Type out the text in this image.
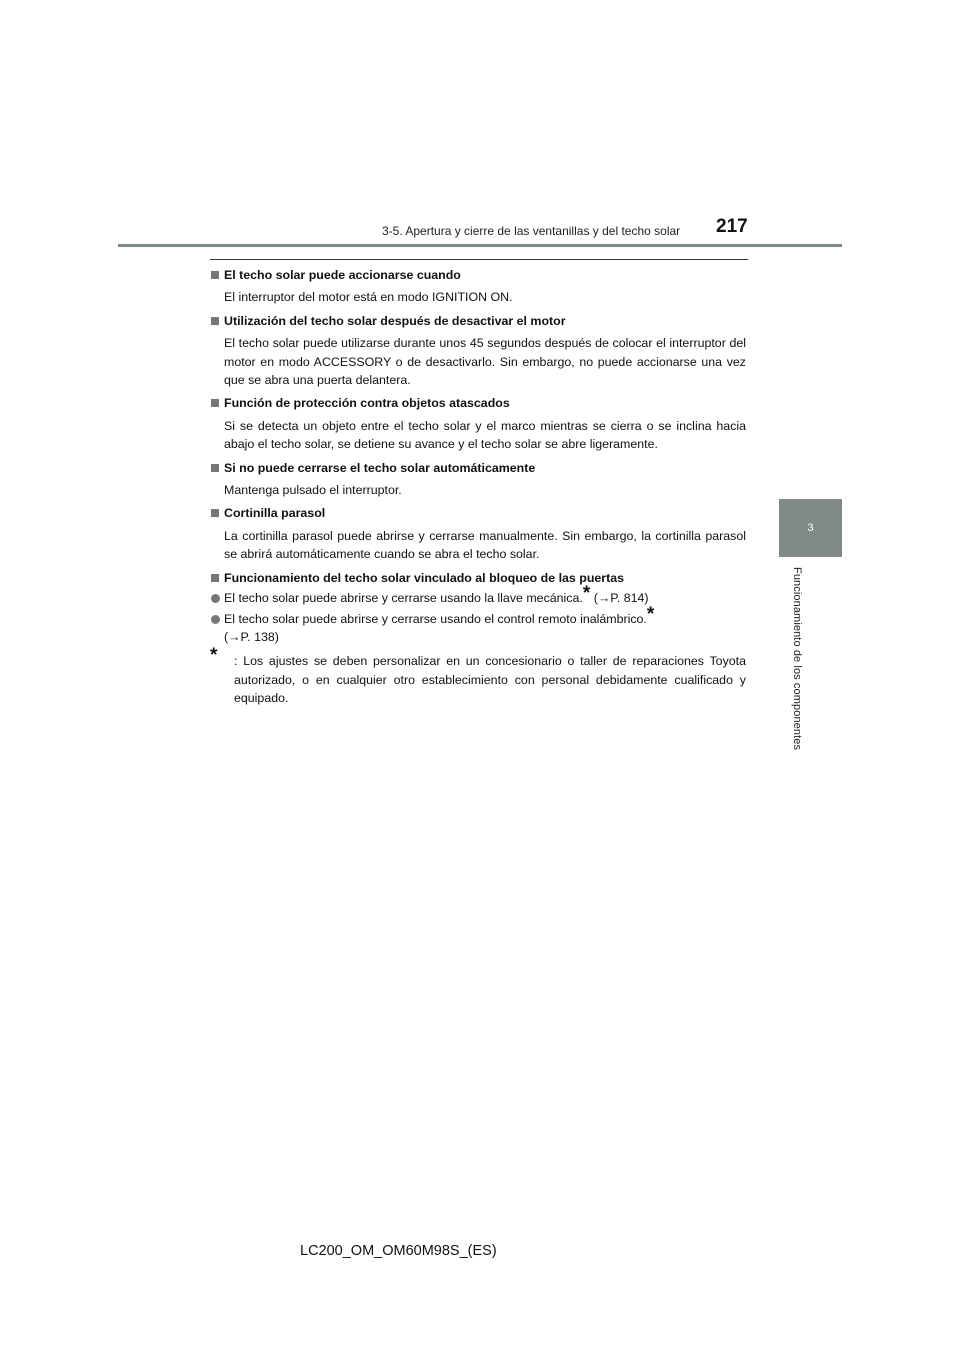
3-5. Apertura y cierre de las ventanillas y del techo solar 217
3
Funcionamiento de los componentes
El techo solar puede accionarse cuando
El interruptor del motor está en modo IGNITION ON.
Utilización del techo solar después de desactivar el motor
El techo solar puede utilizarse durante unos 45 segundos después de colocar el interruptor del motor en modo ACCESSORY o de desactivarlo. Sin embargo, no puede accionarse una vez que se abra una puerta delantera.
Función de protección contra objetos atascados
Si se detecta un objeto entre el techo solar y el marco mientras se cierra o se inclina hacia abajo el techo solar, se detiene su avance y el techo solar se abre ligeramente.
Si no puede cerrarse el techo solar automáticamente
Mantenga pulsado el interruptor.
Cortinilla parasol
La cortinilla parasol puede abrirse y cerrarse manualmente. Sin embargo, la cortinilla parasol se abrirá automáticamente cuando se abra el techo solar.
Funcionamiento del techo solar vinculado al bloqueo de las puertas
El techo solar puede abrirse y cerrarse usando la llave mecánica.* (→P. 814)
El techo solar puede abrirse y cerrarse usando el control remoto inalámbrico.*
(→P. 138)
* : Los ajustes se deben personalizar en un concesionario o taller de reparaciones Toyota autorizado, o en cualquier otro establecimiento con personal debidamente cualificado y equipado.
LC200_OM_OM60M98S_(ES)
